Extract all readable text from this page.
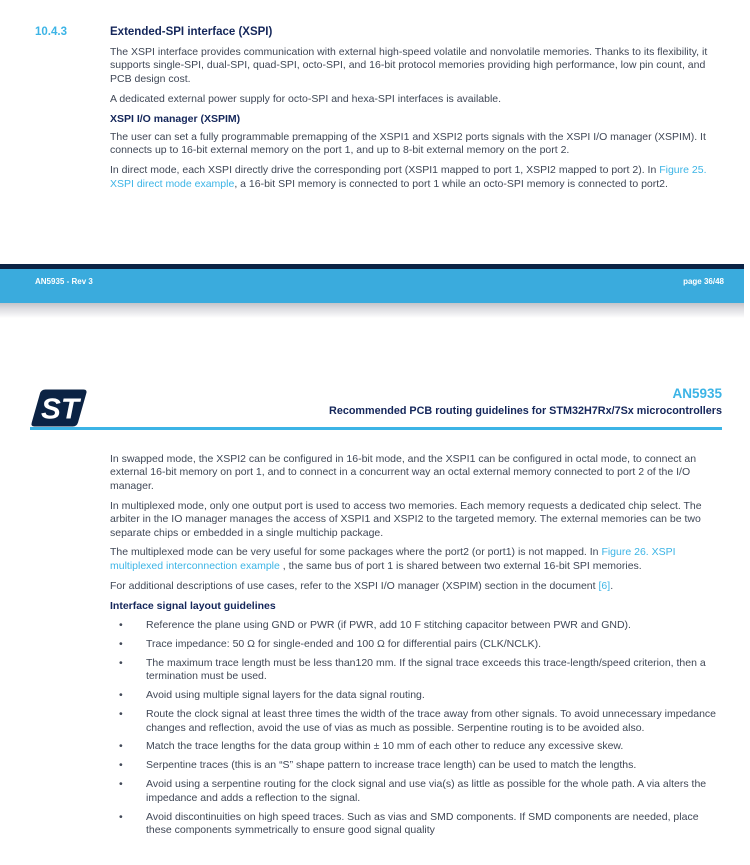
10.4.3	Extended-SPI interface (XSPI)

The XSPI interface provides communication with external high-speed volatile and nonvolatile memories. Thanks to its flexibility, it supports single-SPI, dual-SPI, quad-SPI, octo-SPI, and 16-bit protocol memories providing high performance, low pin count, and PCB design cost.

A dedicated external power supply for octo-SPI and hexa-SPI interfaces is available.

XSPI I/O manager (XSPIM)

The user can set a fully programmable premapping of the XSPI1 and XSPI2 ports signals with the XSPI I/O manager (XSPIM). It connects up to 16-bit external memory on the port 1, and up to 8-bit external memory on the port 2.

In direct mode, each XSPI directly drive the corresponding port (XSPI1 mapped to port 1, XSPI2 mapped to port 2). In Figure 25. XSPI direct mode example, a 16-bit SPI memory is connected to port 1 while an octo-SPI memory is connected to port2.

AN5935 - Rev 3	page 36/48
ST	AN5935
Recommended PCB routing guidelines for STM32H7Rx/7Sx microcontrollers

In swapped mode, the XSPI2 can be configured in 16-bit mode, and the XSPI1 can be configured in octal mode, to connect an external 16-bit memory on port 1, and to connect in a concurrent way an octal external memory connected to port 2 of the I/O manager.

In multiplexed mode, only one output port is used to access two memories. Each memory requests a dedicated chip select. The arbiter in the IO manager manages the access of XSPI1 and XSPI2 to the targeted memory. The external memories can be two separate chips or embedded in a single multichip package.

The multiplexed mode can be very useful for some packages where the port2 (or port1) is not mapped. In Figure 26. XSPI multiplexed interconnection example , the same bus of port 1 is shared between two external 16-bit SPI memories.

For additional descriptions of use cases, refer to the XSPI I/O manager (XSPIM) section in the document [6].

Interface signal layout guidelines
•	Reference the plane using GND or PWR (if PWR, add 10 F stitching capacitor between PWR and GND).
•	Trace impedance: 50 Ω for single-ended and 100 Ω for differential pairs (CLK/NCLK).
•	The maximum trace length must be less than120 mm. If the signal trace exceeds this trace-length/speed criterion, then a termination must be used.
•	Avoid using multiple signal layers for the data signal routing.
•	Route the clock signal at least three times the width of the trace away from other signals. To avoid unnecessary impedance changes and reflection, avoid the use of vias as much as possible. Serpentine routing is to be avoided also.
•	Match the trace lengths for the data group within ± 10 mm of each other to reduce any excessive skew.
•	Serpentine traces (this is an “S” shape pattern to increase trace length) can be used to match the lengths.
•	Avoid using a serpentine routing for the clock signal and use via(s) as little as possible for the whole path. A via alters the impedance and adds a reflection to the signal.
•	Avoid discontinuities on high speed traces. Such as vias and SMD components. If SMD components are needed, place these components symmetrically to ensure good signal quality
